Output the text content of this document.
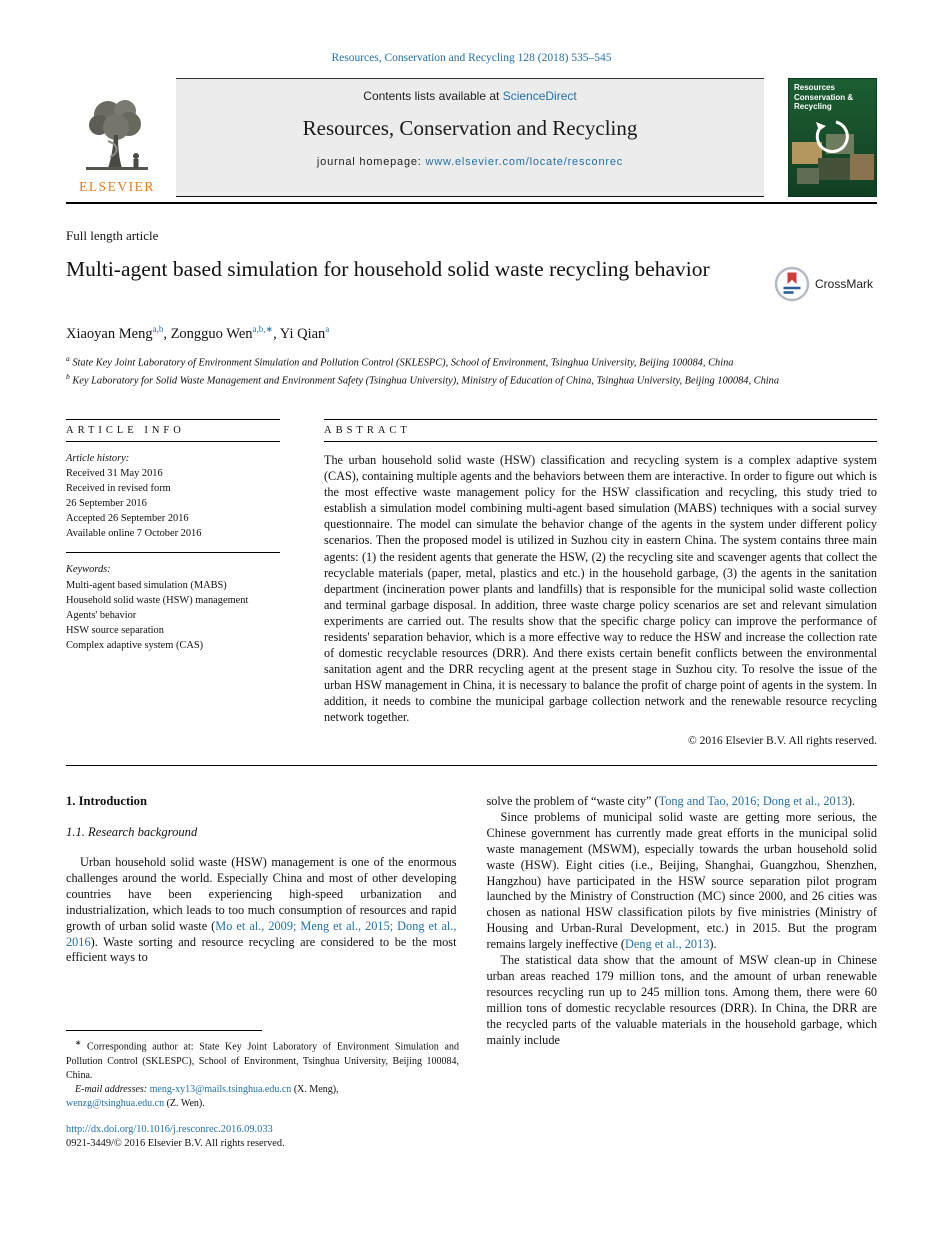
Resources, Conservation and Recycling 128 (2018) 535–545
ELSEVIER
Contents lists available at ScienceDirect
Resources, Conservation and Recycling
journal homepage: www.elsevier.com/locate/resconrec
Resources Conservation & Recycling
Full length article
Multi-agent based simulation for household solid waste recycling behavior
CrossMark
Xiaoyan Meng$^{a,b}$, Zongguo Wen$^{a,b,∗}$, Yi Qian$^a$
$^a$ State Key Joint Laboratory of Environment Simulation and Pollution Control (SKLESPC), School of Environment, Tsinghua University, Beijing 100084, China
$^b$ Key Laboratory for Solid Waste Management and Environment Safety (Tsinghua University), Ministry of Education of China, Tsinghua University, Beijing 100084, China
ARTICLE INFO
Article history:
Received 31 May 2016
Received in revised form
26 September 2016
Accepted 26 September 2016
Available online 7 October 2016
Keywords:
Multi-agent based simulation (MABS)
Household solid waste (HSW) management
Agents' behavior
HSW source separation
Complex adaptive system (CAS)
ABSTRACT

The urban household solid waste (HSW) classification and recycling system is a complex adaptive system (CAS), containing multiple agents and the behaviors between them are interactive. In order to figure out which is the most effective waste management policy for the HSW classification and recycling, this study tried to establish a simulation model combining multi-agent based simulation (MABS) techniques with a social survey questionnaire. The model can simulate the behavior change of the agents in the system under different policy scenarios. Then the proposed model is utilized in Suzhou city in eastern China. The system contains three main agents: (1) the resident agents that generate the HSW, (2) the recycling site and scavenger agents that collect the recyclable materials (paper, metal, plastics and etc.) in the household garbage, (3) the agents in the sanitation department (incineration power plants and landfills) that is responsible for the municipal solid waste collection and terminal garbage disposal. In addition, three waste charge policy scenarios are set and relevant simulation experiments are carried out. The results show that the specific charge policy can improve the performance of residents' separation behavior, which is a more effective way to reduce the HSW and increase the collection rate of domestic recyclable resources (DRR). And there exists certain benefit conflicts between the environmental sanitation agent and the DRR recycling agent at the present stage in Suzhou city. To resolve the issue of the urban HSW management in China, it is necessary to balance the profit of charge point of agents in the system. In addition, it needs to combine the municipal garbage collection network and the renewable resource recycling network together.

© 2016 Elsevier B.V. All rights reserved.
1. Introduction
1.1. Research background

Urban household solid waste (HSW) management is one of the enormous challenges around the world. Especially China and most of other developing countries have been experiencing high-speed urbanization and industrialization, which leads to too much consumption of resources and rapid growth of urban solid waste (Mo et al., 2009; Meng et al., 2015; Dong et al., 2016). Waste sorting and resource recycling are considered to be the most efficient ways to

solve the problem of “waste city” (Tong and Tao, 2016; Dong et al., 2013).

Since problems of municipal solid waste are getting more serious, the Chinese government has currently made great efforts in the municipal solid waste management (MSWM), especially towards the urban household solid waste (HSW). Eight cities (i.e., Beijing, Shanghai, Guangzhou, Shenzhen, Hangzhou) have participated in the HSW source separation pilot program launched by the Ministry of Construction (MC) since 2000, and 26 cities was chosen as national HSW classification pilots by five ministries (Ministry of Housing and Urban-Rural Development, etc.) in 2015. But the program remains largely ineffective (Deng et al., 2013).

The statistical data show that the amount of MSW clean-up in Chinese urban areas reached 179 million tons, and the amount of urban renewable resources recycling run up to 245 million tons. Among them, there were 60 million tons of domestic recyclable resources (DRR). In China, the DRR are the recycled parts of the valuable materials in the household garbage, which mainly include

∗ Corresponding author at: State Key Joint Laboratory of Environment Simulation and Pollution Control (SKLESPC), School of Environment, Tsinghua University, Beijing 100084, China.

E-mail addresses: meng-xy13@mails.tsinghua.edu.cn (X. Meng),
wenzg@tsinghua.edu.cn (Z. Wen).

http://dx.doi.org/10.1016/j.resconrec.2016.09.033
0921-3449/© 2016 Elsevier B.V. All rights reserved.
